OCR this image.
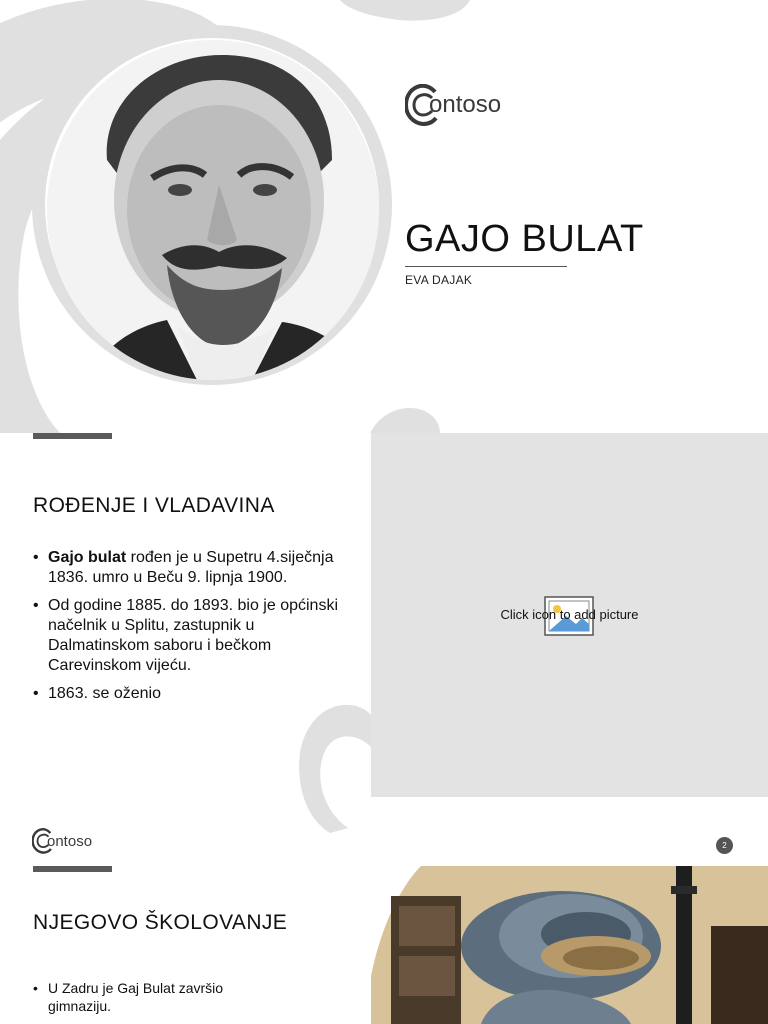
ontoso
GAJO BULAT
EVA DAJAK
ROĐENJE I VLADAVINA
• Gajo bulat rođen je u Supetru 4.siječnja 1836. umro u Beču 9. lipnja 1900.
• Od godine 1885. do 1893. bio je općinski načelnik u Splitu, zastupnik u Dalmatinskom saboru i bečkom Carevinskom vijeću.
• 1863. se oženio
Click icon to add picture
ontoso	2
NJEGOVO ŠKOLOVANJE
• U Zadru je Gaj Bulat završio gimnaziju.
